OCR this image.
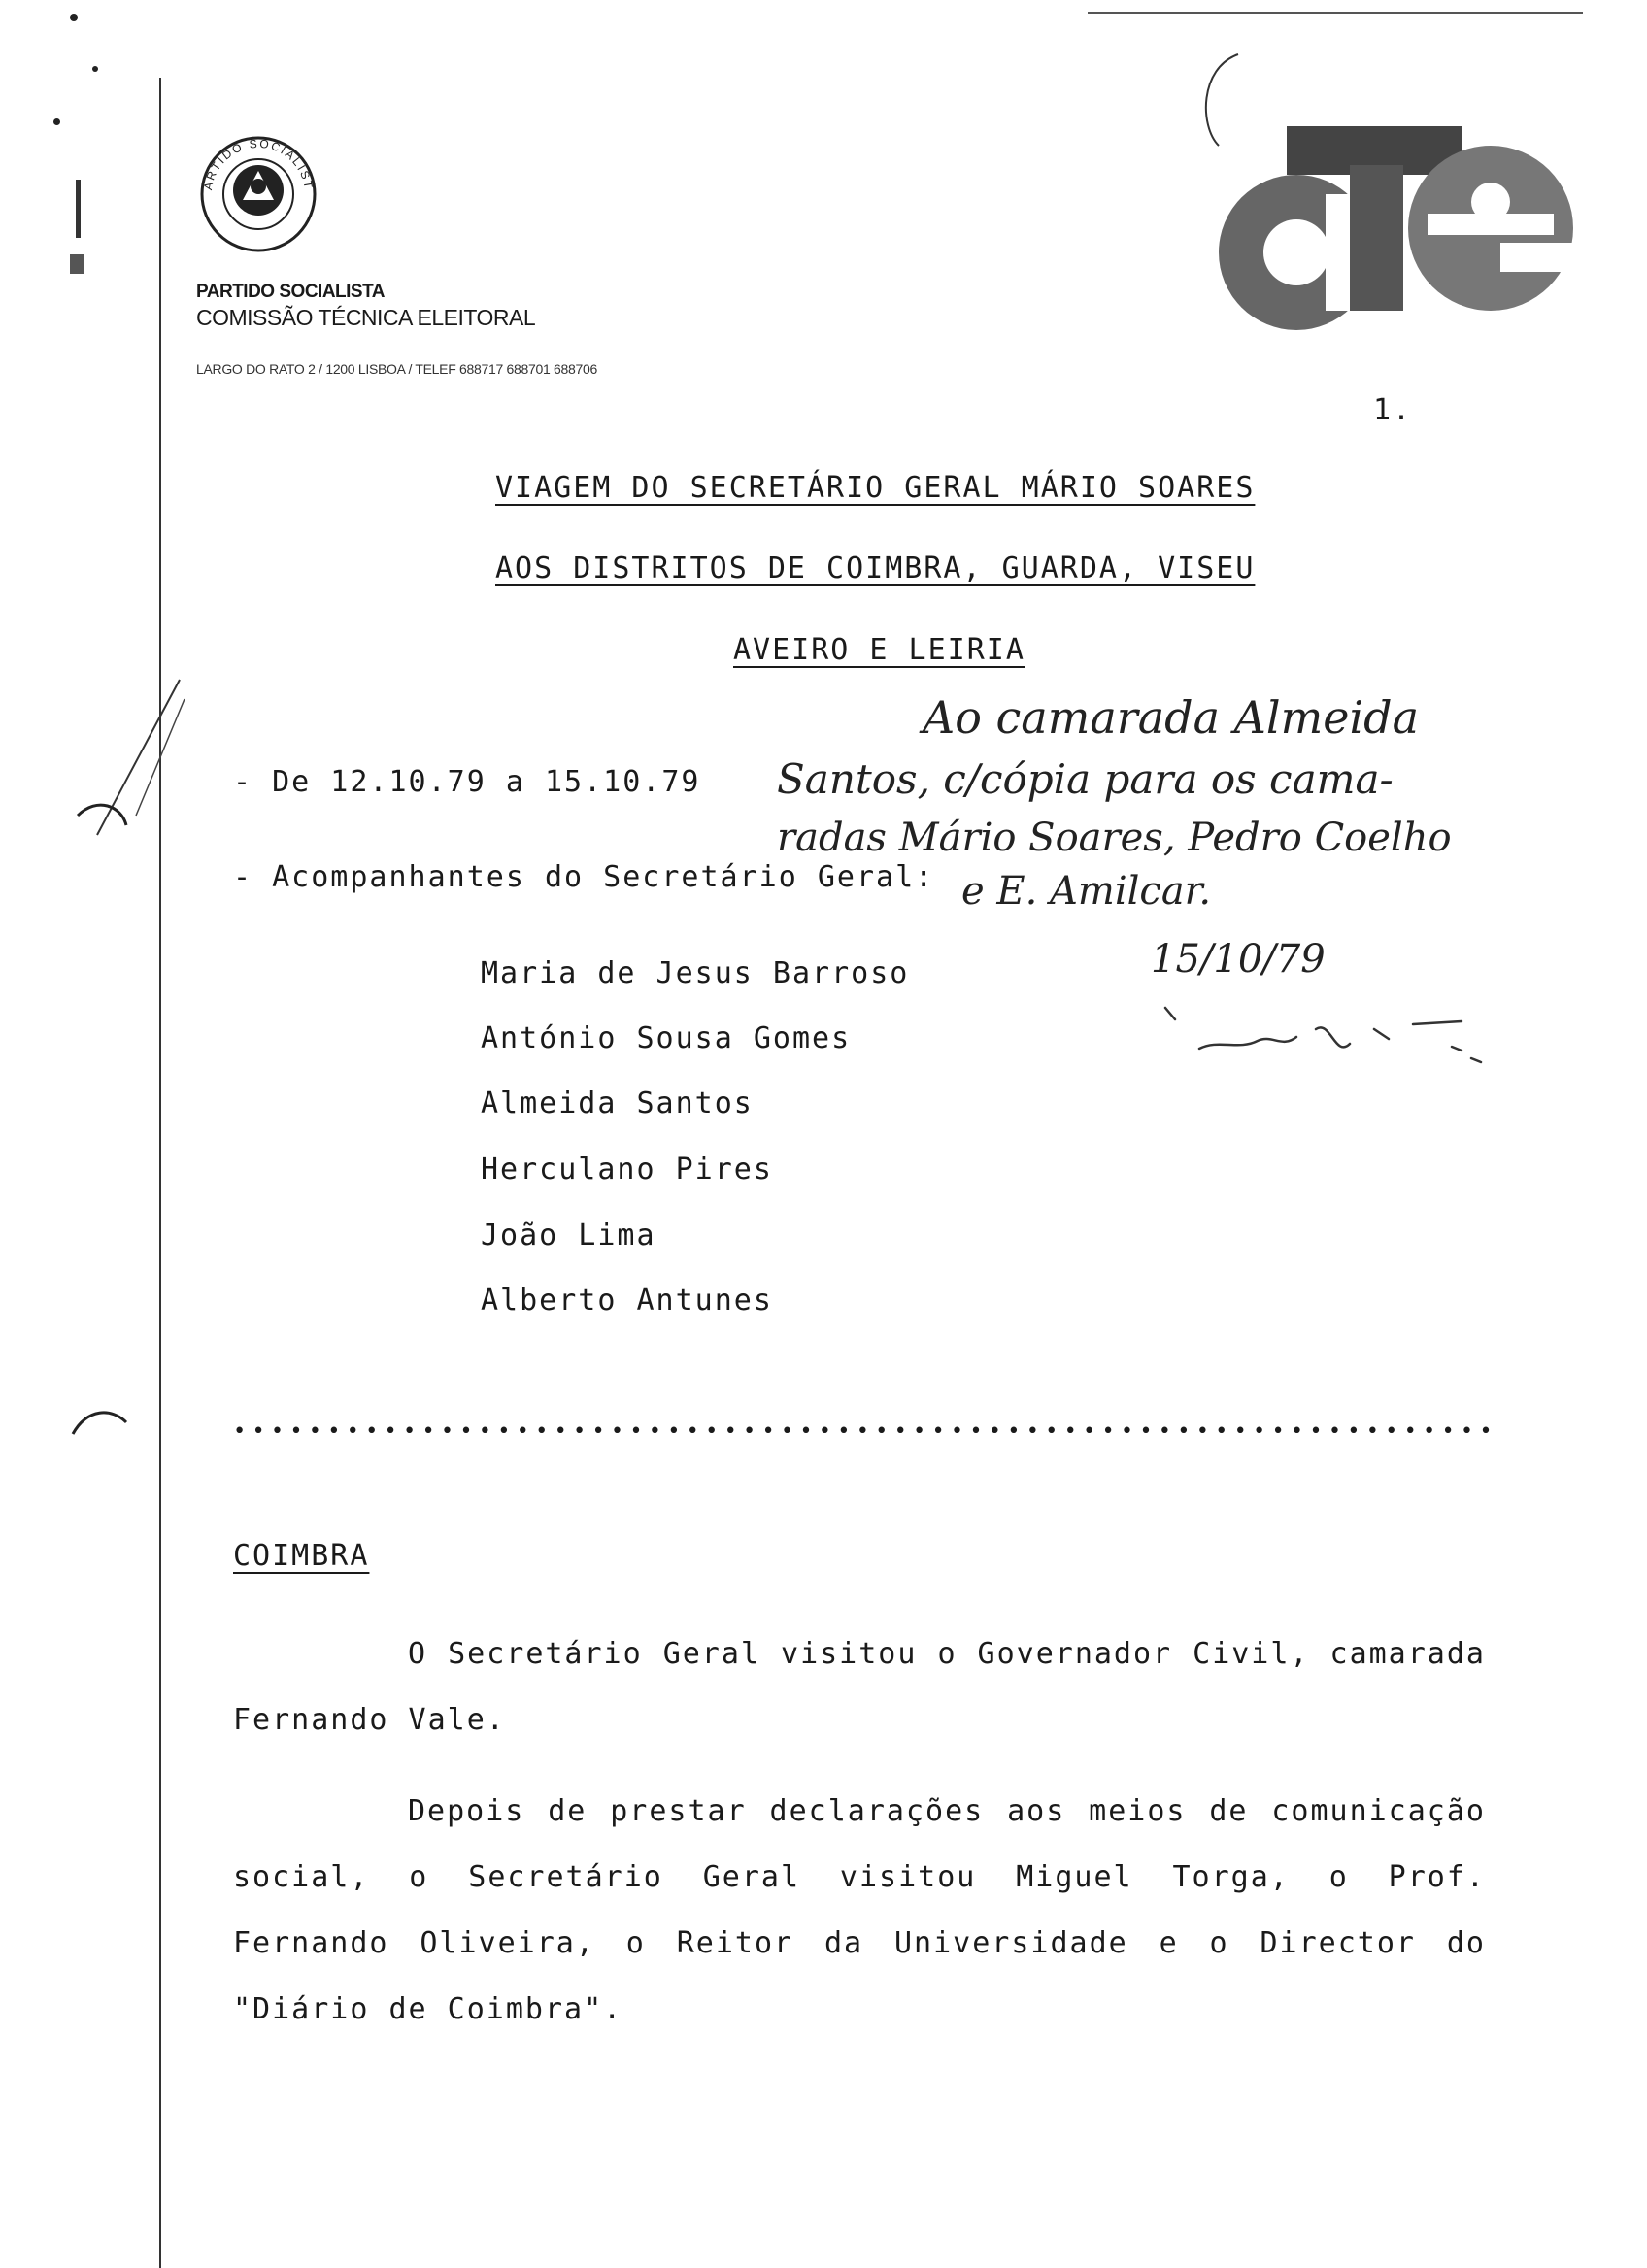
ARTIDO SOCIALIST
PARTIDO SOCIALISTA
COMISSÃO TÉCNICA ELEITORAL
LARGO DO RATO 2 / 1200 LISBOA / TELEF 688717 688701 688706
CTE
1.
VIAGEM DO SECRETÁRIO GERAL MÁRIO SOARES
AOS DISTRITOS DE COIMBRA, GUARDA, VISEU
AVEIRO E LEIRIA
- De 12.10.79 a 15.10.79
- Acompanhantes do Secretário Geral:
Maria de Jesus Barroso
António Sousa Gomes
Almeida Santos
Herculano Pires
João Lima
Alberto Antunes
Ao camarada Almeida
Santos, c/cópia para os cama-
radas Mário Soares, Pedro Coelho
e E. Amilcar.
15/10/79
•••••••••••••••••••••••••••••••••••••••••••••••••••••••••••••••••••
COIMBRA
O Secretário Geral visitou o Governador Civil, camarada Fernando Vale.
Depois de prestar declarações aos meios de comunicação social, o Secretário Geral visitou Miguel Torga, o Prof. Fernando Oliveira, o Reitor da Universidade e o Director do "Diário de Coimbra".
